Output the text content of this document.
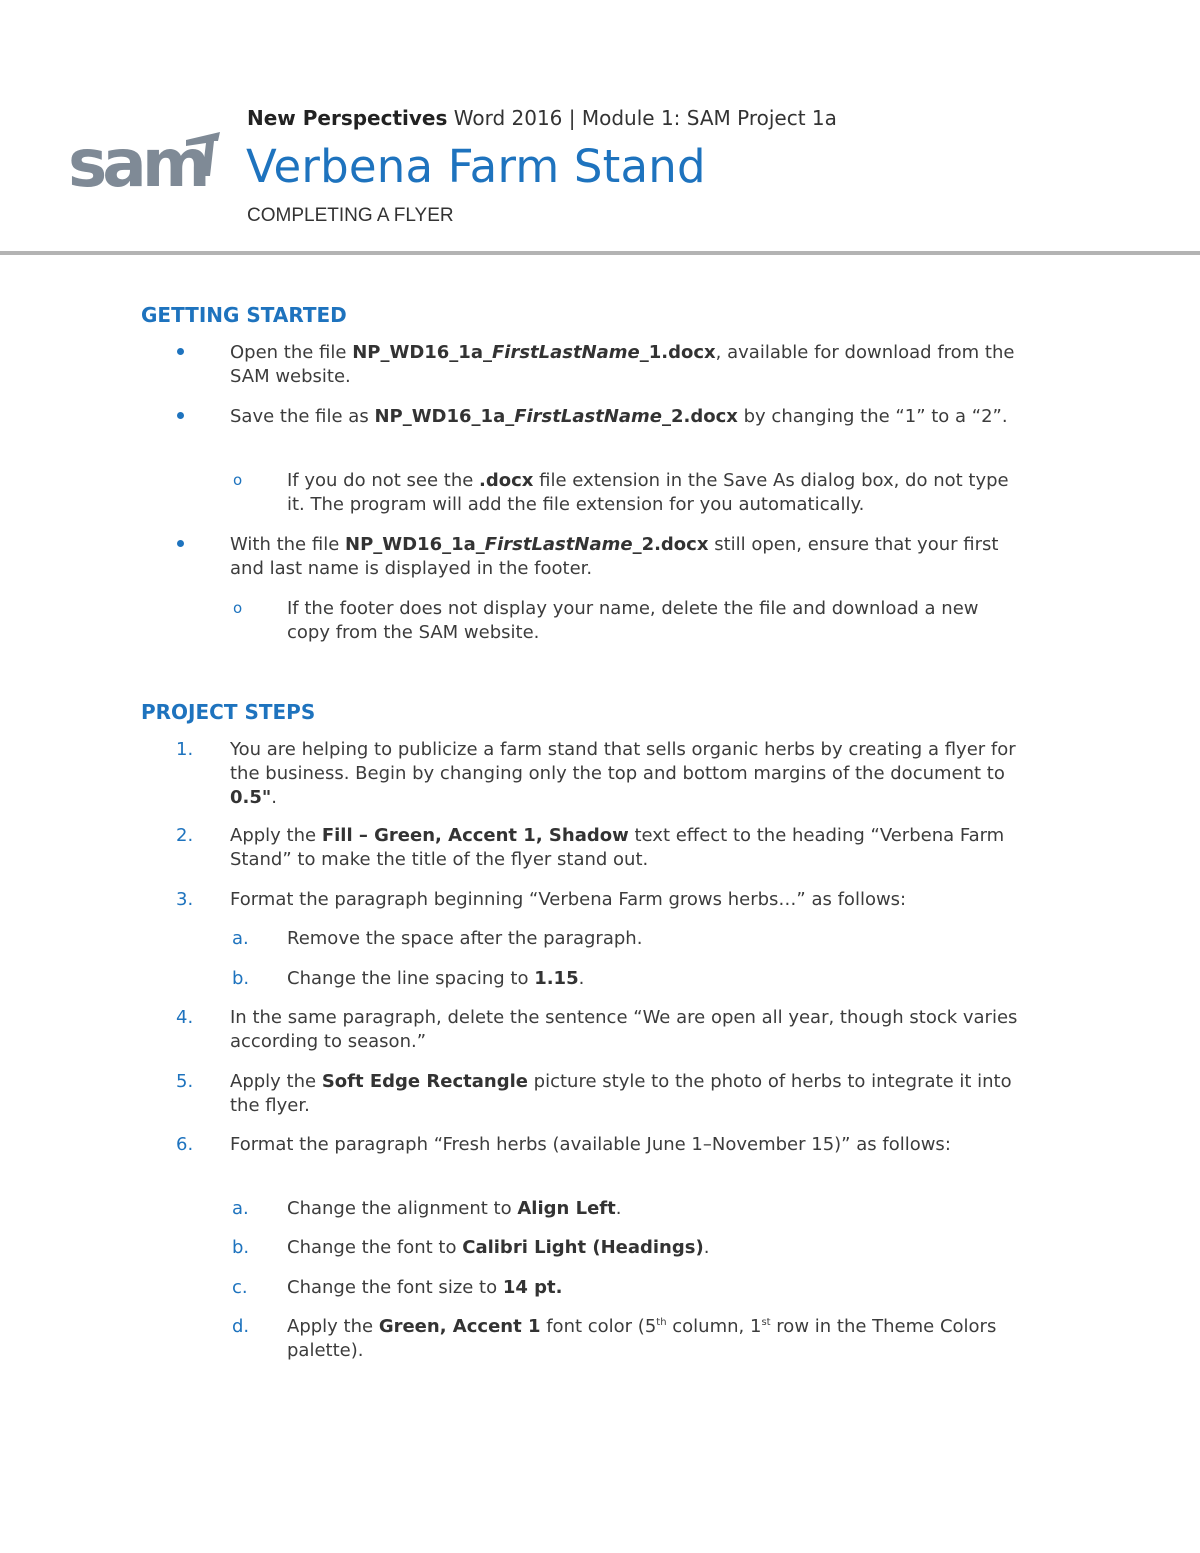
sam
New Perspectives Word 2016 | Module 1: SAM Project 1a
Verbena Farm Stand
COMPLETING A FLYER
GETTING STARTED
Open the file NP_WD16_1a_FirstLastName_1.docx, available for download from the SAM website.
Save the file as NP_WD16_1a_FirstLastName_2.docx by changing the “1” to a “2”.
o If you do not see the .docx file extension in the Save As dialog box, do not type it. The program will add the file extension for you automatically.
With the file NP_WD16_1a_FirstLastName_2.docx still open, ensure that your first and last name is displayed in the footer.
o If the footer does not display your name, delete the file and download a new copy from the SAM website.
PROJECT STEPS
1. You are helping to publicize a farm stand that sells organic herbs by creating a flyer for the business. Begin by changing only the top and bottom margins of the document to 0.5".
2. Apply the Fill – Green, Accent 1, Shadow text effect to the heading “Verbena Farm Stand” to make the title of the flyer stand out.
3. Format the paragraph beginning “Verbena Farm grows herbs…” as follows:
a. Remove the space after the paragraph.
b. Change the line spacing to 1.15.
4. In the same paragraph, delete the sentence “We are open all year, though stock varies according to season.”
5. Apply the Soft Edge Rectangle picture style to the photo of herbs to integrate it into the flyer.
6. Format the paragraph “Fresh herbs (available June 1–November 15)” as follows:
a. Change the alignment to Align Left.
b. Change the font to Calibri Light (Headings).
c. Change the font size to 14 pt.
d. Apply the Green, Accent 1 font color (5th column, 1st row in the Theme Colors palette).
